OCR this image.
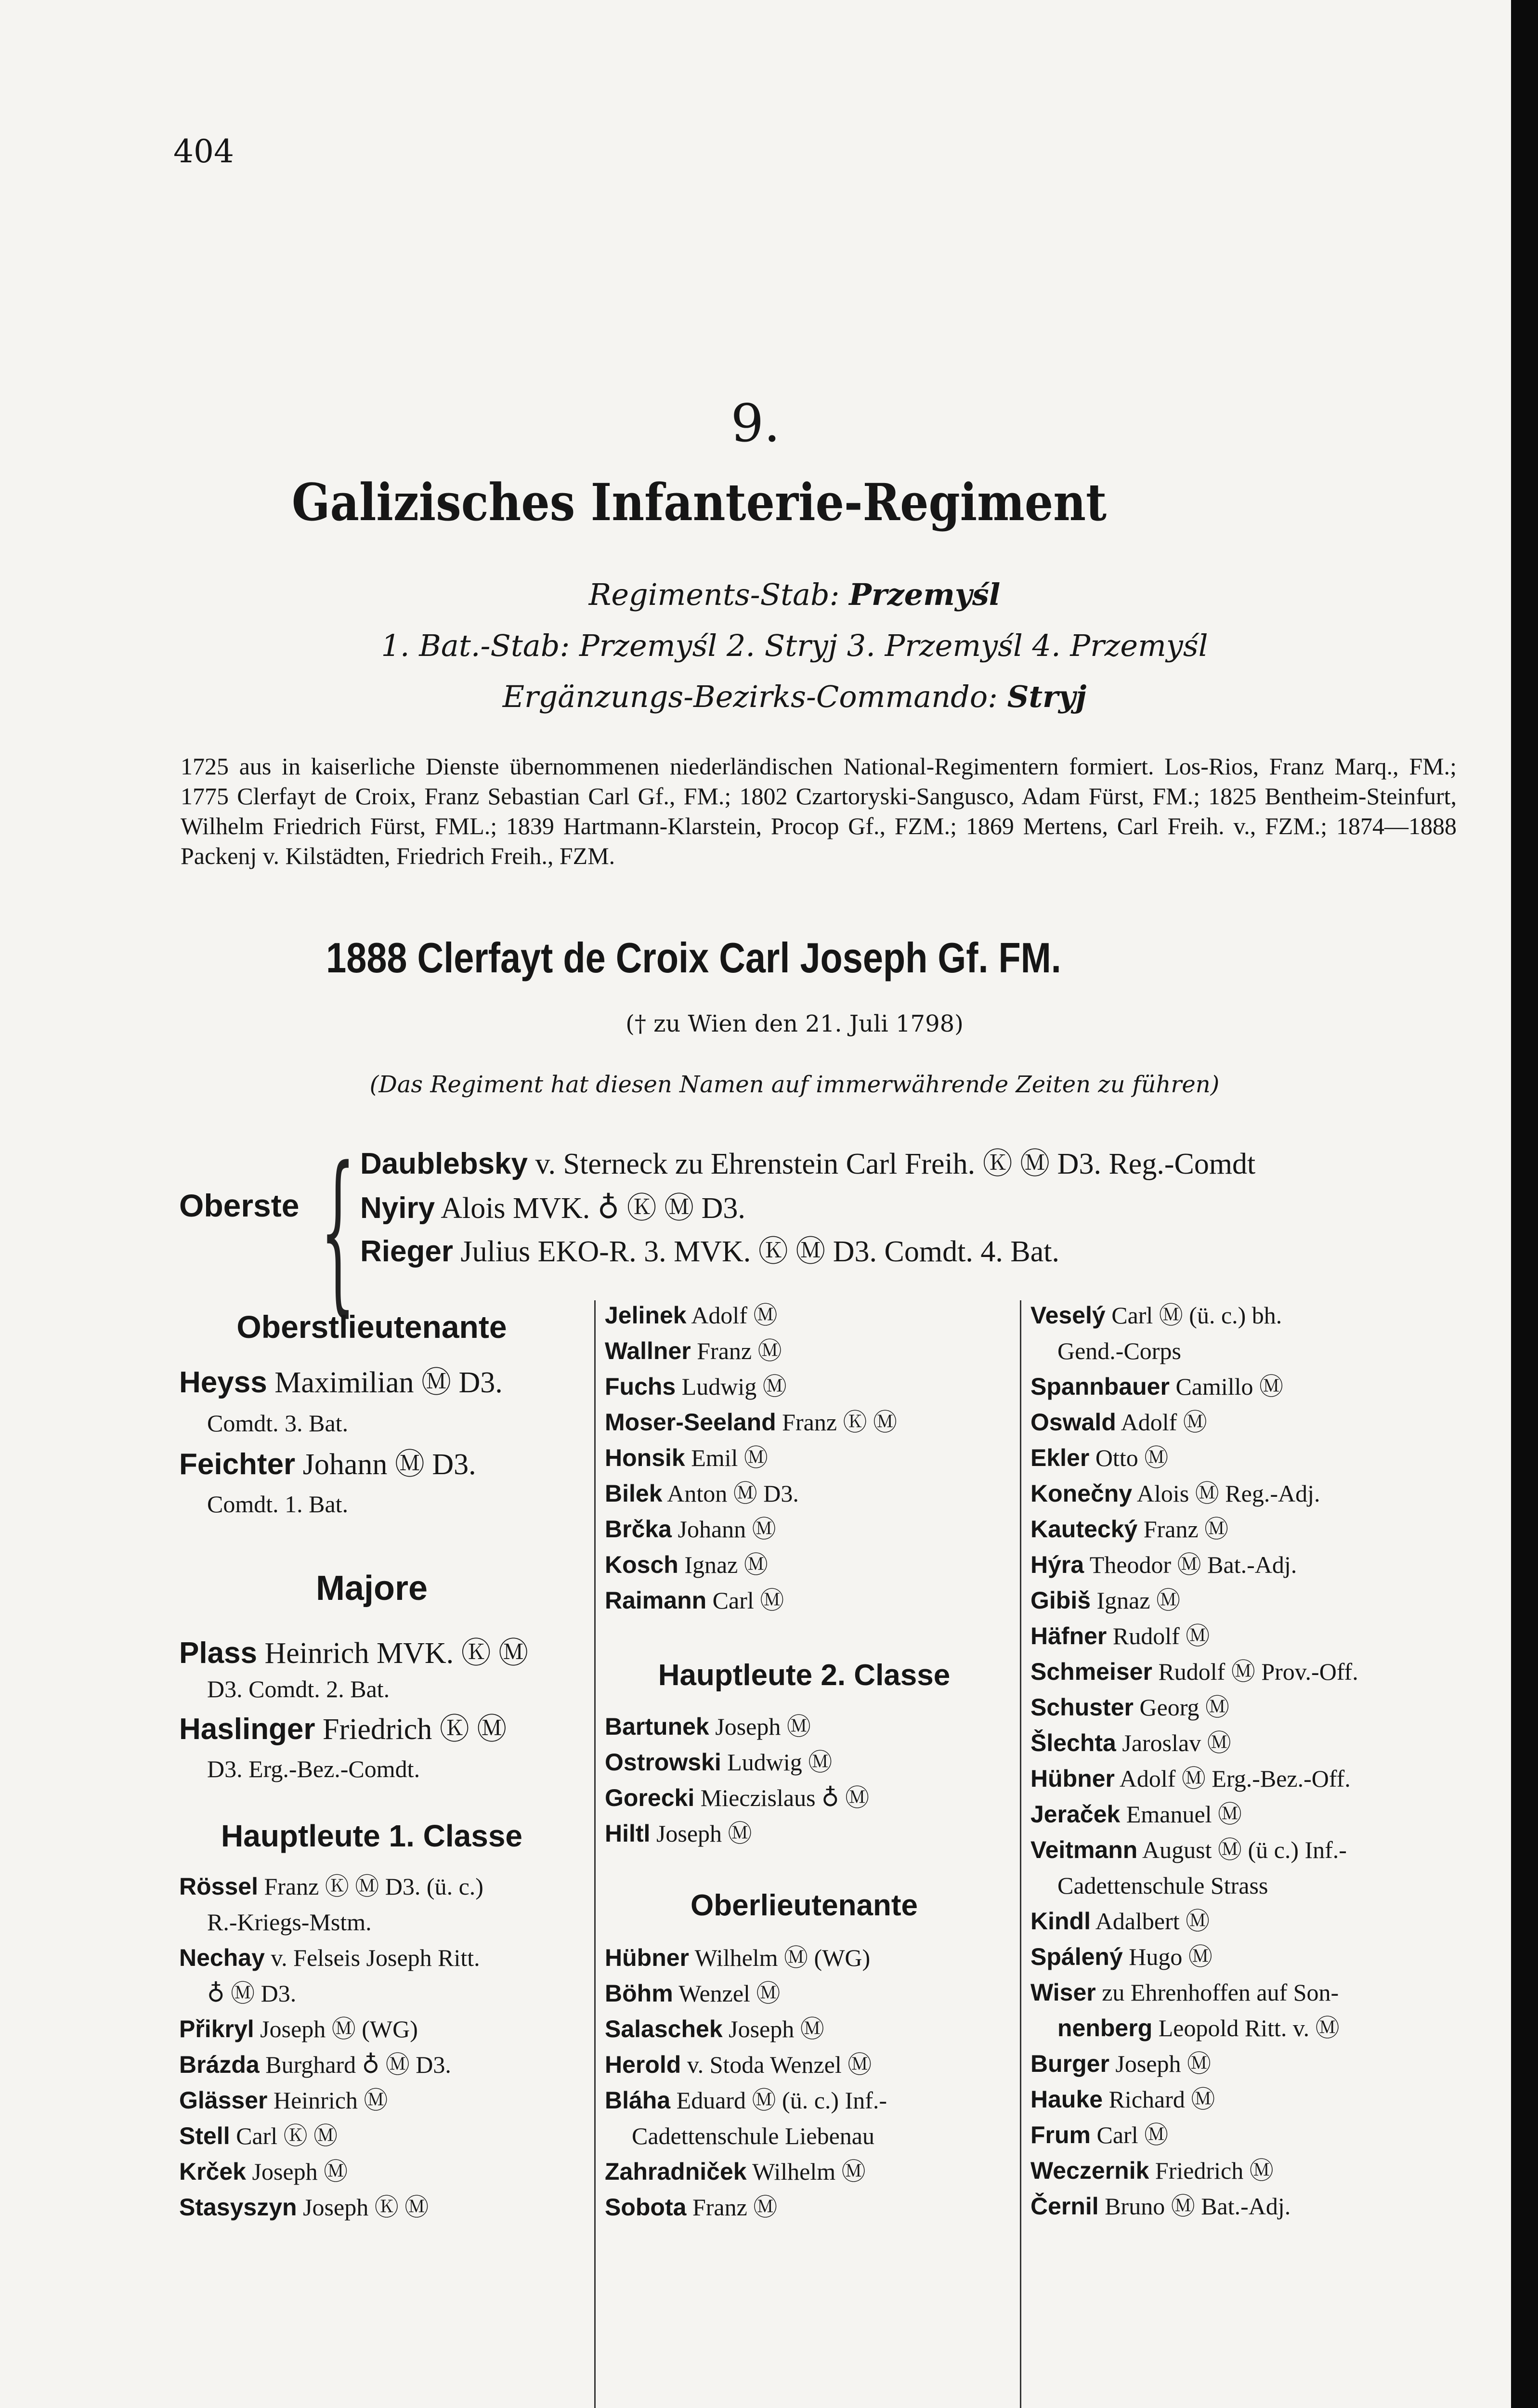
404
9.
Galizisches Infanterie-Regiment
Regiments-Stab: Przemyśl
1. Bat.-Stab: Przemyśl 2. Stryj 3. Przemyśl 4. Przemyśl
Ergänzungs-Bezirks-Commando: Stryj
1725 aus in kaiserliche Dienste übernommenen niederländischen National-Regimentern formiert. Los-Rios, Franz Marq., FM.; 1775 Clerfayt de Croix, Franz Sebastian Carl Gf., FM.; 1802 Czartoryski-Sangusco, Adam Fürst, FM.; 1825 Bentheim-Steinfurt, Wilhelm Friedrich Fürst, FML.; 1839 Hartmann-Klarstein, Procop Gf., FZM.; 1869 Mertens, Carl Freih. v., FZM.; 1874—1888 Packenj v. Kilstädten, Friedrich Freih., FZM.
1888 Clerfayt de Croix Carl Joseph Gf. FM.
(† zu Wien den 21. Juli 1798)
(Das Regiment hat diesen Namen auf immerwährende Zeiten zu führen)
Oberste { Daublebsky v. Sterneck zu Ehrenstein Carl Freih. Ⓚ Ⓜ D3. Reg.-Comdt
Nyiry Alois MVK. ♁ Ⓚ Ⓜ D3.
Rieger Julius EKO-R. 3. MVK. Ⓚ Ⓜ D3. Comdt. 4. Bat.
Oberstlieutenante
Heyss Maximilian Ⓜ D3.
Comdt. 3. Bat.
Feichter Johann Ⓜ D3.
Comdt. 1. Bat.
Majore
Plass Heinrich MVK. Ⓚ Ⓜ
D3. Comdt. 2. Bat.
Haslinger Friedrich Ⓚ Ⓜ
D3. Erg.-Bez.-Comdt.
Hauptleute 1. Classe
Rössel Franz Ⓚ Ⓜ D3. (ü. c.)
R.-Kriegs-Mstm.
Nechay v. Felseis Joseph Ritt.
♁ Ⓜ D3.
Přikryl Joseph Ⓜ (WG)
Brázda Burghard ♁ Ⓜ D3.
Glässer Heinrich Ⓜ
Stell Carl Ⓚ Ⓜ
Krček Joseph Ⓜ
Stasyszyn Joseph Ⓚ Ⓜ
Jelinek Adolf Ⓜ
Wallner Franz Ⓜ
Fuchs Ludwig Ⓜ
Moser-Seeland Franz Ⓚ Ⓜ
Honsik Emil Ⓜ
Bilek Anton Ⓜ D3.
Brčka Johann Ⓜ
Kosch Ignaz Ⓜ
Raimann Carl Ⓜ
Hauptleute 2. Classe
Bartunek Joseph Ⓜ
Ostrowski Ludwig Ⓜ
Gorecki Mieczislaus ♁ Ⓜ
Hiltl Joseph Ⓜ
Oberlieutenante
Hübner Wilhelm Ⓜ (WG)
Böhm Wenzel Ⓜ
Salaschek Joseph Ⓜ
Herold v. Stoda Wenzel Ⓜ
Bláha Eduard Ⓜ (ü. c.) Inf.-
Cadettenschule Liebenau
Zahradniček Wilhelm Ⓜ
Sobota Franz Ⓜ
Veselý Carl Ⓜ (ü. c.) bh.
Gend.-Corps
Spannbauer Camillo Ⓜ
Oswald Adolf Ⓜ
Ekler Otto Ⓜ
Konečny Alois Ⓜ Reg.-Adj.
Kautecký Franz Ⓜ
Hýra Theodor Ⓜ Bat.-Adj.
Gibiš Ignaz Ⓜ
Häfner Rudolf Ⓜ
Schmeiser Rudolf Ⓜ Prov.-Off.
Schuster Georg Ⓜ
Šlechta Jaroslav Ⓜ
Hübner Adolf Ⓜ Erg.-Bez.-Off.
Jeraček Emanuel Ⓜ
Veitmann August Ⓜ (ü c.) Inf.-
Cadettenschule Strass
Kindl Adalbert Ⓜ
Spálený Hugo Ⓜ
Wiser zu Ehrenhoffen auf Son-
nenberg Leopold Ritt. v. Ⓜ
Burger Joseph Ⓜ
Hauke Richard Ⓜ
Frum Carl Ⓜ
Weczernik Friedrich Ⓜ
Černil Bruno Ⓜ Bat.-Adj.
